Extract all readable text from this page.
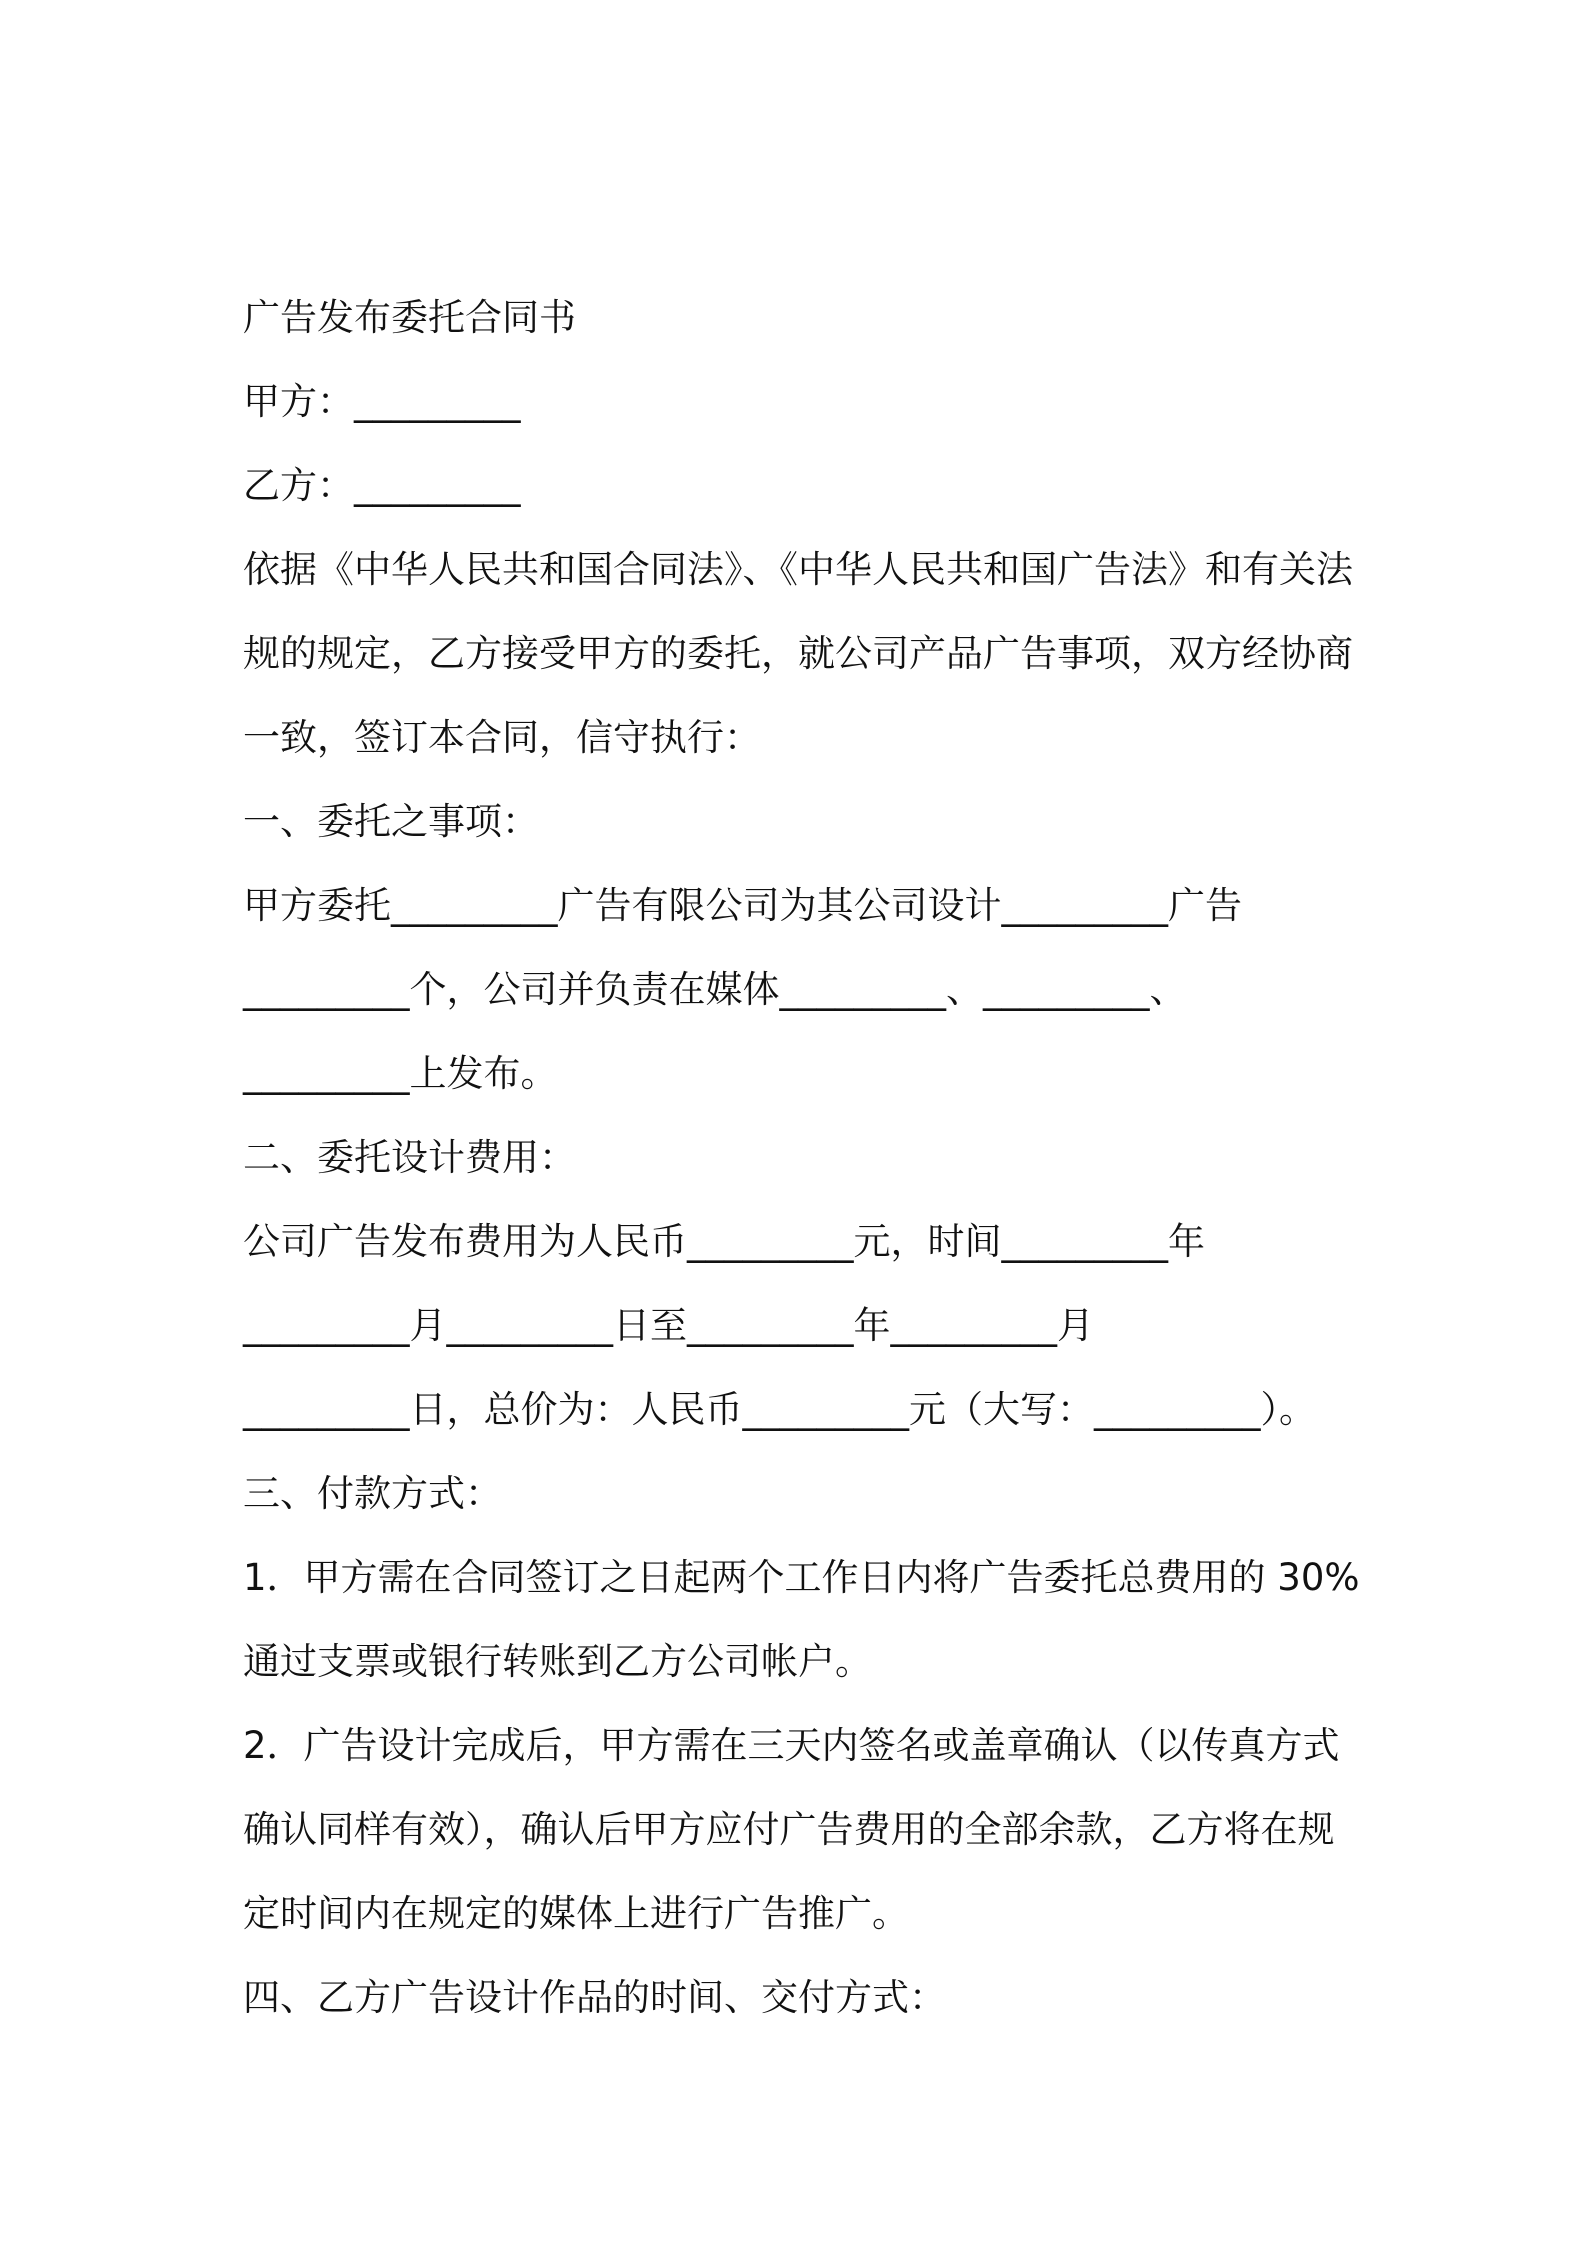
广告发布委托合同书
甲方：_________
乙方：_________
依据《中华人民共和国合同法》、《中华人民共和国广告法》和有关法
规的规定，乙方接受甲方的委托，就公司产品广告事项，双方经协商
一致，签订本合同，信守执行：
一、委托之事项：
甲方委托_________广告有限公司为其公司设计_________广告
_________个，公司并负责在媒体_________、_________、
_________上发布。
二、委托设计费用：
公司广告发布费用为人民币_________元，时间_________年
_________月_________日至_________年_________月
_________日，总价为：人民币_________元（大写：_________）。
三、付款方式：
1．甲方需在合同签订之日起两个工作日内将广告委托总费用的 30%
通过支票或银行转账到乙方公司帐户。
2．广告设计完成后，甲方需在三天内签名或盖章确认（以传真方式
确认同样有效），确认后甲方应付广告费用的全部余款，乙方将在规
定时间内在规定的媒体上进行广告推广。
四、乙方广告设计作品的时间、交付方式：
